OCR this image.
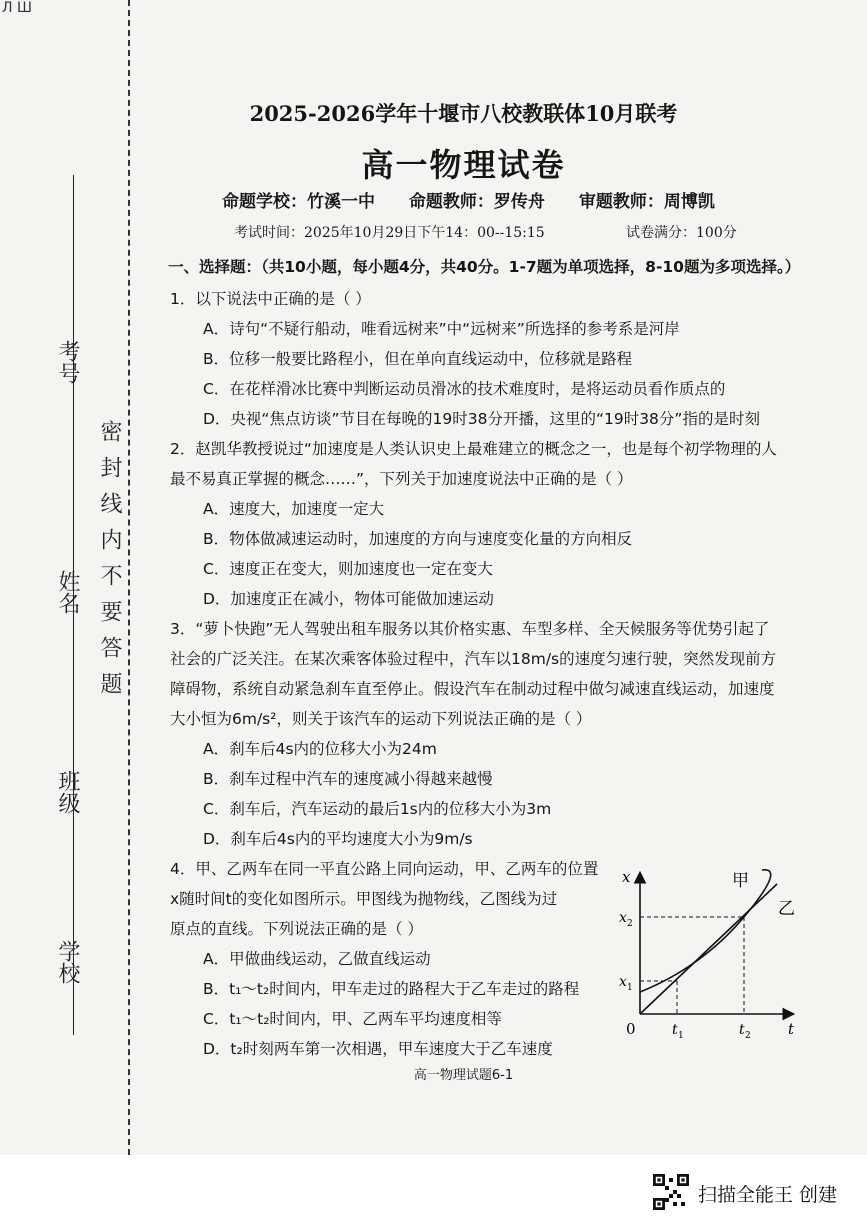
Л Ш
考号
姓名
班级
学校
密封线内不要答题
2025-2026学年十堰市八校教联体10月联考
高一物理试卷
命题学校：竹溪一中 命题教师：罗传舟 审题教师：周博凯
考试时间：2025年10月29日下午14：00--15:15	试卷满分：100分
一、选择题：（共10小题，每小题4分，共40分。1-7题为单项选择，8-10题为多项选择。）
1．以下说法中正确的是（ ）
A．诗句“不疑行船动，唯看远树来”中“远树来”所选择的参考系是河岸
B．位移一般要比路程小，但在单向直线运动中，位移就是路程
C．在花样滑冰比赛中判断运动员滑冰的技术难度时，是将运动员看作质点的
D．央视“焦点访谈”节目在每晚的19时38分开播，这里的“19时38分”指的是时刻
2．赵凯华教授说过“加速度是人类认识史上最难建立的概念之一，也是每个初学物理的人
最不易真正掌握的概念……”，下列关于加速度说法中正确的是（ ）
A．速度大，加速度一定大
B．物体做减速运动时，加速度的方向与速度变化量的方向相反
C．速度正在变大，则加速度也一定在变大
D．加速度正在减小，物体可能做加速运动
3．“萝卜快跑”无人驾驶出租车服务以其价格实惠、车型多样、全天候服务等优势引起了
社会的广泛关注。在某次乘客体验过程中，汽车以18m/s的速度匀速行驶，突然发现前方
障碍物，系统自动紧急刹车直至停止。假设汽车在制动过程中做匀减速直线运动，加速度
大小恒为6m/s²，则关于该汽车的运动下列说法正确的是（ ）
A．刹车后4s内的位移大小为24m
B．刹车过程中汽车的速度减小得越来越慢
C．刹车后，汽车运动的最后1s内的位移大小为3m
D．刹车后4s内的平均速度大小为9m/s
4．甲、乙两车在同一平直公路上同向运动，甲、乙两车的位置
x随时间t的变化如图所示。甲图线为抛物线，乙图线为过
原点的直线。下列说法正确的是（ ）
A．甲做曲线运动，乙做直线运动
B．t₁～t₂时间内，甲车走过的路程大于乙车走过的路程
C．t₁～t₂时间内，甲、乙两车平均速度相等
D．t₂时刻两车第一次相遇，甲车速度大于乙车速度
x
t
0
甲
乙
x 1
x 2
t 1	t 2
高一物理试题6-1
扫描全能王 创建
